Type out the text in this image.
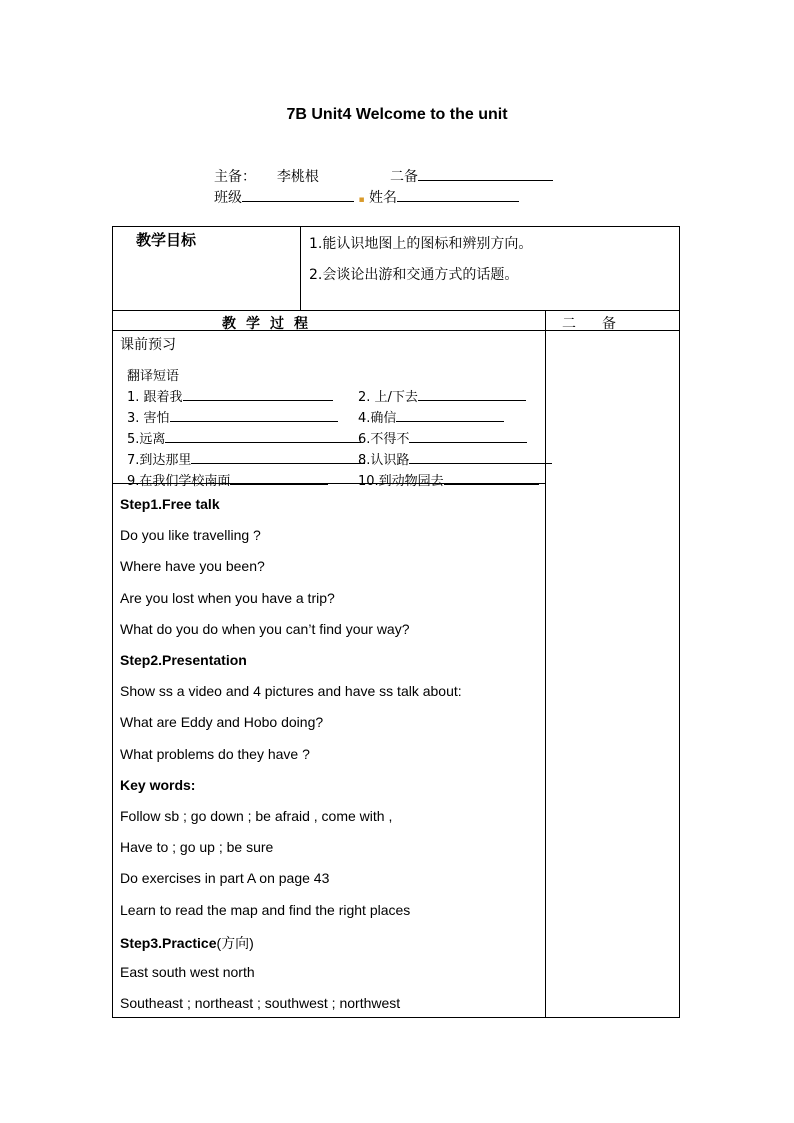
7B Unit4 Welcome to the unit
主备： 李桃根	二备
班级	▪ 姓名
教学目标	1.能认识地图上的图标和辨别方向。
2.会谈论出游和交通方式的话题。
教学过程	二备
课前预习
翻译短语
1. 跟着我	2. 上/下去
3. 害怕	4.确信
5.远离	6.不得不
7.到达那里	8.认识路
9.在我们学校南面	10.到动物园去
Step1.Free talk
Do you like travelling ?
Where have you been?
Are you lost when you have a trip?
What do you do when you can’t find your way?
Step2.Presentation
Show ss a video and 4 pictures and have ss talk about:
What are Eddy and Hobo doing?
What problems do they have ?
Key words:
Follow sb ; go down ; be afraid , come with ,
Have to ; go up ; be sure
Do exercises in part A on page 43
Learn to read the map and find the right places
Step3.Practice(方向)
East south west north
Southeast ; northeast ; southwest ; northwest
